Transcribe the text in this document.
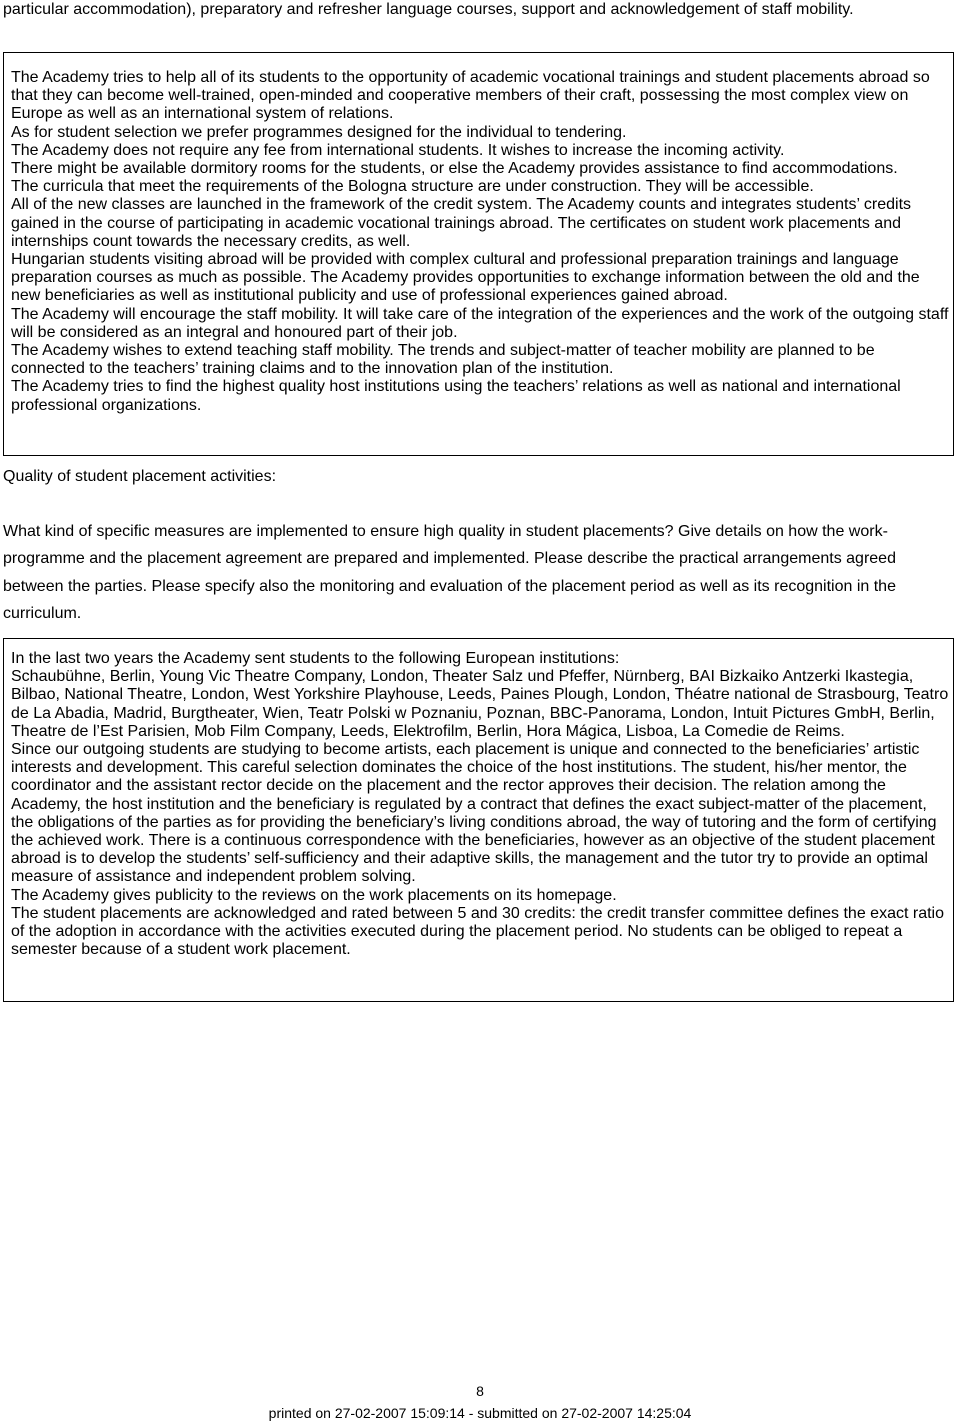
particular accommodation), preparatory and refresher language courses, support and acknowledgement of staff mobility.

The Academy tries to help all of its students to the opportunity of academic vocational trainings and student placements abroad so that they can become well-trained, open-minded and cooperative members of their craft, possessing the most complex view on Europe as well as an international system of relations.

As for student selection we prefer programmes designed for the individual to tendering.

The Academy does not require any fee from international students. It wishes to increase the incoming activity.

There might be available dormitory rooms for the students, or else the Academy provides assistance to find accommodations.

The curricula that meet the requirements of the Bologna structure are under construction. They will be accessible.

All of the new classes are launched in the framework of the credit system. The Academy counts and integrates students’ credits gained in the course of participating in academic vocational trainings abroad. The certificates on student work placements and internships count towards the necessary credits, as well.

Hungarian students visiting abroad will be provided with complex cultural and professional preparation trainings and language preparation courses as much as possible. The Academy provides opportunities to exchange information between the old and the new beneficiaries as well as institutional publicity and use of professional experiences gained abroad.

The Academy will encourage the staff mobility. It will take care of the integration of the experiences and the work of the outgoing staff will be considered as an integral and honoured part of their job.

The Academy wishes to extend teaching staff mobility. The trends and subject-matter of teacher mobility are planned to be connected to the teachers’ training claims and to the innovation plan of the institution.

The Academy tries to find the highest quality host institutions using the teachers’ relations as well as national and international professional organizations.

Quality of student placement activities:

What kind of specific measures are implemented to ensure high quality in student placements? Give details on how the work-programme and the placement agreement are prepared and implemented. Please describe the practical arrangements agreed between the parties. Please specify also the monitoring and evaluation of the placement period as well as its recognition in the curriculum.

In the last two years the Academy sent students to the following European institutions:

Schaubühne, Berlin, Young Vic Theatre Company, London, Theater Salz und Pfeffer, Nürnberg, BAI Bizkaiko Antzerki Ikastegia, Bilbao, National Theatre, London, West Yorkshire Playhouse, Leeds, Paines Plough, London, Théatre national de Strasbourg, Teatro de La Abadia, Madrid, Burgtheater, Wien, Teatr Polski w Poznaniu, Poznan, BBC-Panorama, London, Intuit Pictures GmbH, Berlin, Theatre de l’Est Parisien, Mob Film Company, Leeds, Elektrofilm, Berlin, Hora Mágica, Lisboa, La Comedie de Reims.

Since our outgoing students are studying to become artists, each placement is unique and connected to the beneficiaries’ artistic interests and development. This careful selection dominates the choice of the host institutions. The student, his/her mentor, the coordinator and the assistant rector decide on the placement and the rector approves their decision. The relation among the Academy, the host institution and the beneficiary is regulated by a contract that defines the exact subject-matter of the placement, the obligations of the parties as for providing the beneficiary’s living conditions abroad, the way of tutoring and the form of certifying the achieved work. There is a continuous correspondence with the beneficiaries, however as an objective of the student placement abroad is to develop the students’ self-sufficiency and their adaptive skills, the management and the tutor try to provide an optimal measure of assistance and independent problem solving.

The Academy gives publicity to the reviews on the work placements on its homepage.

The student placements are acknowledged and rated between 5 and 30 credits: the credit transfer committee defines the exact ratio of the adoption in accordance with the activities executed during the placement period. No students can be obliged to repeat a semester because of a student work placement.

8

printed on 27-02-2007 15:09:14 - submitted on 27-02-2007 14:25:04
